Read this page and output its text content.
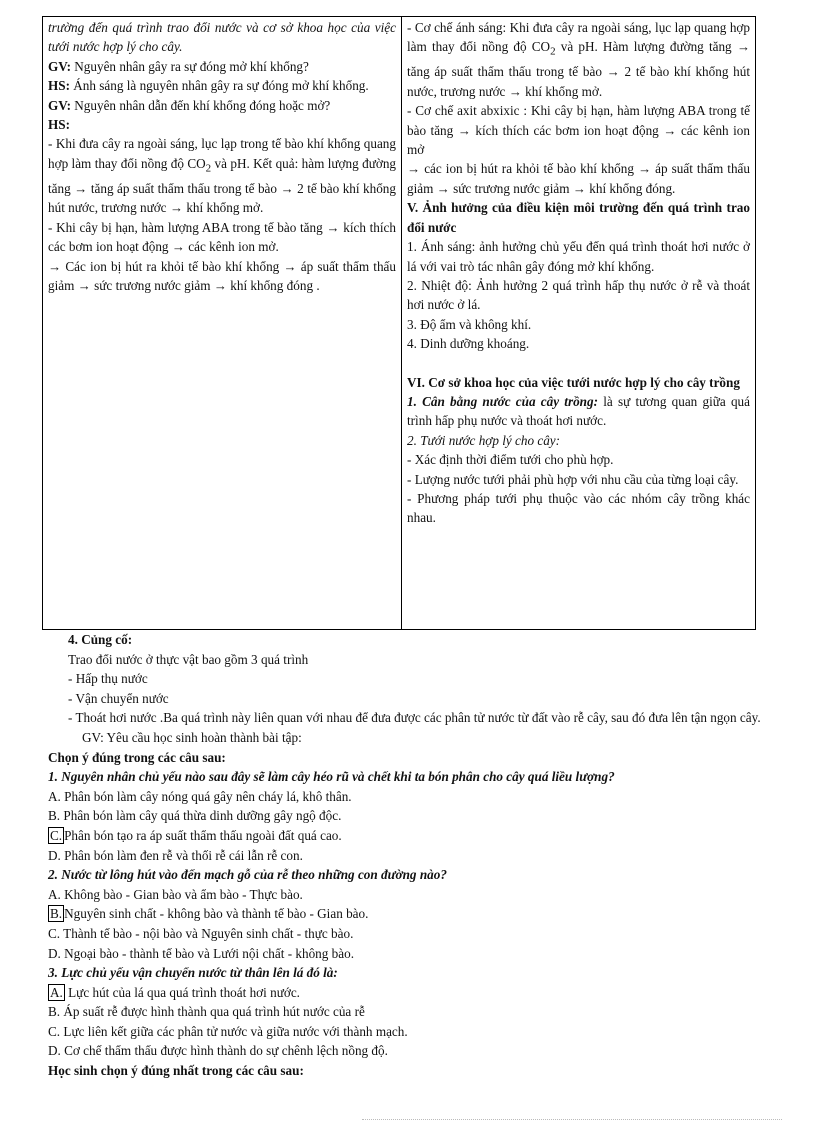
trường đến quá trình trao đổi nước và cơ sở khoa học của việc tưới nước hợp lý cho cây.

GV: Nguyên nhân gây ra sự đóng mở khí khổng?

HS: Ánh sáng là nguyên nhân gây ra sự đóng mở khí khổng.

GV: Nguyên nhân dẫn đến khí khổng đóng hoặc mở?

HS:

- Khi đưa cây ra ngoài sáng, lục lạp trong tế bào khí khổng quang hợp làm thay đổi nồng độ $CO_2$ và pH. Kết quả: hàm lượng đường tăng → tăng áp suất thẩm thấu trong tế bào → 2 tế bào khí khổng hút nước, trương nước → khí khổng mở.

- Khi cây bị hạn, hàm lượng ABA trong tế bào tăng → kích thích các bơm ion hoạt động → các kênh ion mở.

→ Các ion bị hút ra khỏi tế bào khí khổng → áp suất thẩm thấu giảm → sức trương nước giảm → khí khổng đóng .

- Cơ chế ánh sáng: Khi đưa cây ra ngoài sáng, lục lạp quang hợp làm thay đổi nồng độ $CO_2$ và pH. Hàm lượng đường tăng → tăng áp suất thẩm thấu trong tế bào → 2 tế bào khí khổng hút nước, trương nước → khí khổng mở.

- Cơ chế axit abxixic : Khi cây bị hạn, hàm lượng ABA trong tế bào tăng → kích thích các bơm ion hoạt động → các kênh ion mở

→ các ion bị hút ra khỏi tế bào khí khổng → áp suất thẩm thấu giảm → sức trương nước giảm → khí khổng đóng.

V. Ảnh hưởng của điều kiện môi trường đến quá trình trao đổi nước

1. Ánh sáng: ảnh hưởng chủ yếu đến quá trình thoát hơi nước ở lá với vai trò tác nhân gây đóng mở khí khổng.

2. Nhiệt độ: Ảnh hưởng 2 quá trình hấp thụ nước ở rễ và thoát hơi nước ở lá.

3. Độ ẩm và không khí.

4. Dinh dưỡng khoáng.

VI. Cơ sở khoa học của việc tưới nước hợp lý cho cây trồng

1. Cân bằng nước của cây trồng: là sự tương quan giữa quá trình hấp phụ nước và thoát hơi nước.

2. Tưới nước hợp lý cho cây:

- Xác định thời điểm tưới cho phù hợp.

- Lượng nước tưới phải phù hợp với nhu cầu của từng loại cây.

- Phương pháp tưới phụ thuộc vào các nhóm cây trồng khác nhau.

4. Củng cố:

Trao đổi nước ở thực vật bao gồm 3 quá trình

- Hấp thụ nước

- Vận chuyển nước

- Thoát hơi nước .Ba quá trình này liên quan với nhau để đưa được các phân tử nước từ đất vào rễ cây, sau đó đưa lên tận ngọn cây.

GV: Yêu cầu học sinh hoàn thành bài tập:

Chọn ý đúng trong các câu sau:

1. Nguyên nhân chủ yếu nào sau đây sẽ làm cây héo rũ và chết khi ta bón phân cho cây quá liều lượng?

A. Phân bón làm cây nóng quá gây nên cháy lá, khô thân.

B. Phân bón làm cây quá thừa dinh dưỡng gây ngộ độc.

C. Phân bón tạo ra áp suất thẩm thấu ngoài đất quá cao.

D. Phân bón làm đen rễ và thối rễ cái lẫn rễ con.

2. Nước từ lông hút vào đến mạch gỗ của rễ theo những con đường nào?

A. Không bào - Gian bào và ẩm bào - Thực bào.

B. Nguyên sinh chất - không bào và thành tế bào - Gian bào.

C. Thành tế bào - nội bào và Nguyên sinh chất - thực bào.

D. Ngoại bào - thành tế bào và Lưới nội chất - không bào.

3. Lực chủ yếu vận chuyển nước từ thân lên lá đó là:

A. Lực hút của lá qua quá trình thoát hơi nước.

B. Áp suất rễ được hình thành qua quá trình hút nước của rễ

C. Lực liên kết giữa các phân tử nước và giữa nước với thành mạch.

D. Cơ chế thẩm thấu được hình thành do sự chênh lệch nồng độ.

Học sinh chọn ý đúng nhất trong các câu sau:
